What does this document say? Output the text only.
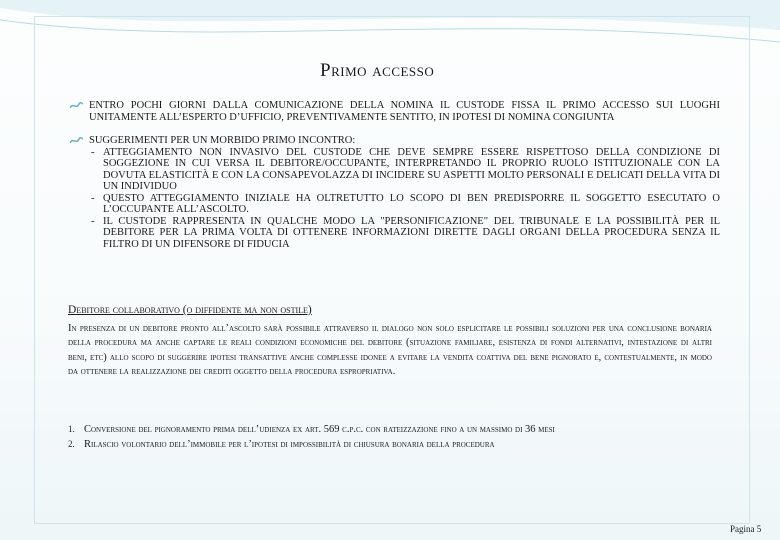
Primo accesso
ENTRO POCHI GIORNI DALLA COMUNICAZIONE DELLA NOMINA IL CUSTODE FISSA IL PRIMO ACCESSO SUI LUOGHI UNITAMENTE ALL’ESPERTO D’UFFICIO, PREVENTIVAMENTE SENTITO, IN IPOTESI DI NOMINA CONGIUNTA
SUGGERIMENTI PER UN MORBIDO PRIMO INCONTRO:
- ATTEGGIAMENTO NON INVASIVO DEL CUSTODE CHE DEVE SEMPRE ESSERE RISPETTOSO DELLA CONDIZIONE DI SOGGEZIONE IN CUI VERSA IL DEBITORE/OCCUPANTE, INTERPRETANDO IL PROPRIO RUOLO ISTITUZIONALE CON LA DOVUTA ELASTICITÀ E CON LA CONSAPEVOLAZZA DI INCIDERE SU ASPETTI MOLTO PERSONALI E DELICATI DELLA VITA DI UN INDIVIDUO
- QUESTO ATTEGGIAMENTO INIZIALE HA OLTRETUTTO LO SCOPO DI BEN PREDISPORRE IL SOGGETTO ESECUTATO O L’OCCUPANTE ALL’ASCOLTO.
- IL CUSTODE RAPPRESENTA IN QUALCHE MODO LA "PERSONIFICAZIONE" DEL TRIBUNALE E LA POSSIBILITÀ PER IL DEBITORE PER LA PRIMA VOLTA DI OTTENERE INFORMAZIONI DIRETTE DAGLI ORGANI DELLA PROCEDURA SENZA IL FILTRO DI UN DIFENSORE DI FIDUCIA
Debitore collaborativo (o diffidente ma non ostile)
In presenza di un debitore pronto all’ascolto sarà possibile attraverso il dialogo non solo esplicitare le possibili soluzioni per una conclusione bonaria della procedura ma anche captare le reali condizioni economiche del debitore (situazione familiare, esistenza di fondi alternativi, intestazione di altri beni, etc) allo scopo di suggerire ipotesi transattive anche complesse idonee a evitare la vendita coattiva del bene pignorato e, contestualmente, in modo da ottenere la realizzazione dei crediti oggetto della procedura espropriativa.
1. Conversione del pignoramento prima dell’udienza ex art. 569 c.p.c. con rateizzazione fino a un massimo di 36 mesi
2. Rilascio volontario dell’immobile per l’ipotesi di impossibilità di chiusura bonaria della procedura
Pagina 5
